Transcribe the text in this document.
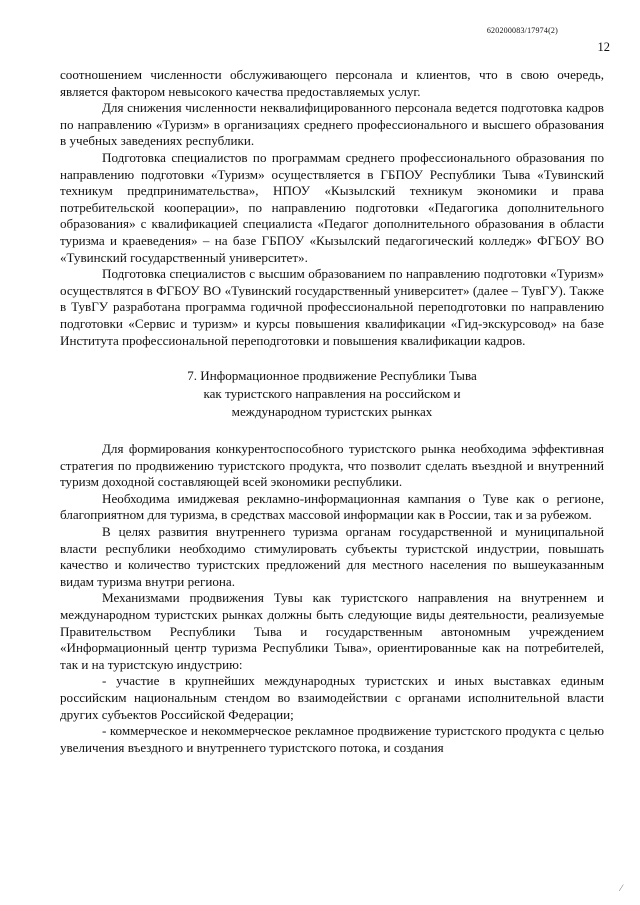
620200083/17974(2)
12

соотношением численности обслуживающего персонала и клиентов, что в свою очередь, является фактором невысокого качества предоставляемых услуг.

Для снижения численности неквалифицированного персонала ведется подготовка кадров по направлению «Туризм» в организациях среднего профессионального и высшего образования в учебных заведениях республики.

Подготовка специалистов по программам среднего профессионального образования по направлению подготовки «Туризм» осуществляется в ГБПОУ Республики Тыва «Тувинский техникум предпринимательства», НПОУ «Кызылский техникум экономики и права потребительской кооперации», по направлению подготовки «Педагогика дополнительного образования» с квалификацией специалиста «Педагог дополнительного образования в области туризма и краеведения» – на базе ГБПОУ «Кызылский педагогический колледж» ФГБОУ ВО «Тувинский государственный университет».

Подготовка специалистов с высшим образованием по направлению подготовки «Туризм» осуществлятся в ФГБОУ ВО «Тувинский государственный университет» (далее – ТувГУ). Также в ТувГУ разработана программа годичной профессиональной переподготовки по направлению подготовки «Сервис и туризм» и курсы повышения квалификации «Гид-экскурсовод» на базе Института профессиональной переподготовки и повышения квалификации кадров.

7. Информационное продвижение Республики Тыва
как туристского направления на российском и
международном туристских рынках

Для формирования конкурентоспособного туристского рынка необходима эффективная стратегия по продвижению туристского продукта, что позволит сделать въездной и внутренний туризм доходной составляющей всей экономики республики.

Необходима имиджевая рекламно-информационная кампания о Туве как о регионе, благоприятном для туризма, в средствах массовой информации как в России, так и за рубежом.

В целях развития внутреннего туризма органам государственной и муниципальной власти республики необходимо стимулировать субъекты туристской индустрии, повышать качество и количество туристских предложений для местного населения по вышеуказанным видам туризма внутри региона.

Механизмами продвижения Тувы как туристского направления на внутреннем и международном туристских рынках должны быть следующие виды деятельности, реализуемые Правительством Республики Тыва и государственным автономным учреждением «Информационный центр туризма Республики Тыва», ориентированные как на потребителей, так и на туристскую индустрию:

- участие в крупнейших международных туристских и иных выставках единым российским национальным стендом во взаимодействии с органами исполнительной власти других субъектов Российской Федерации;

- коммерческое и некоммерческое рекламное продвижение туристского продукта с целью увеличения въездного и внутреннего туристского потока, и создания

⁄
